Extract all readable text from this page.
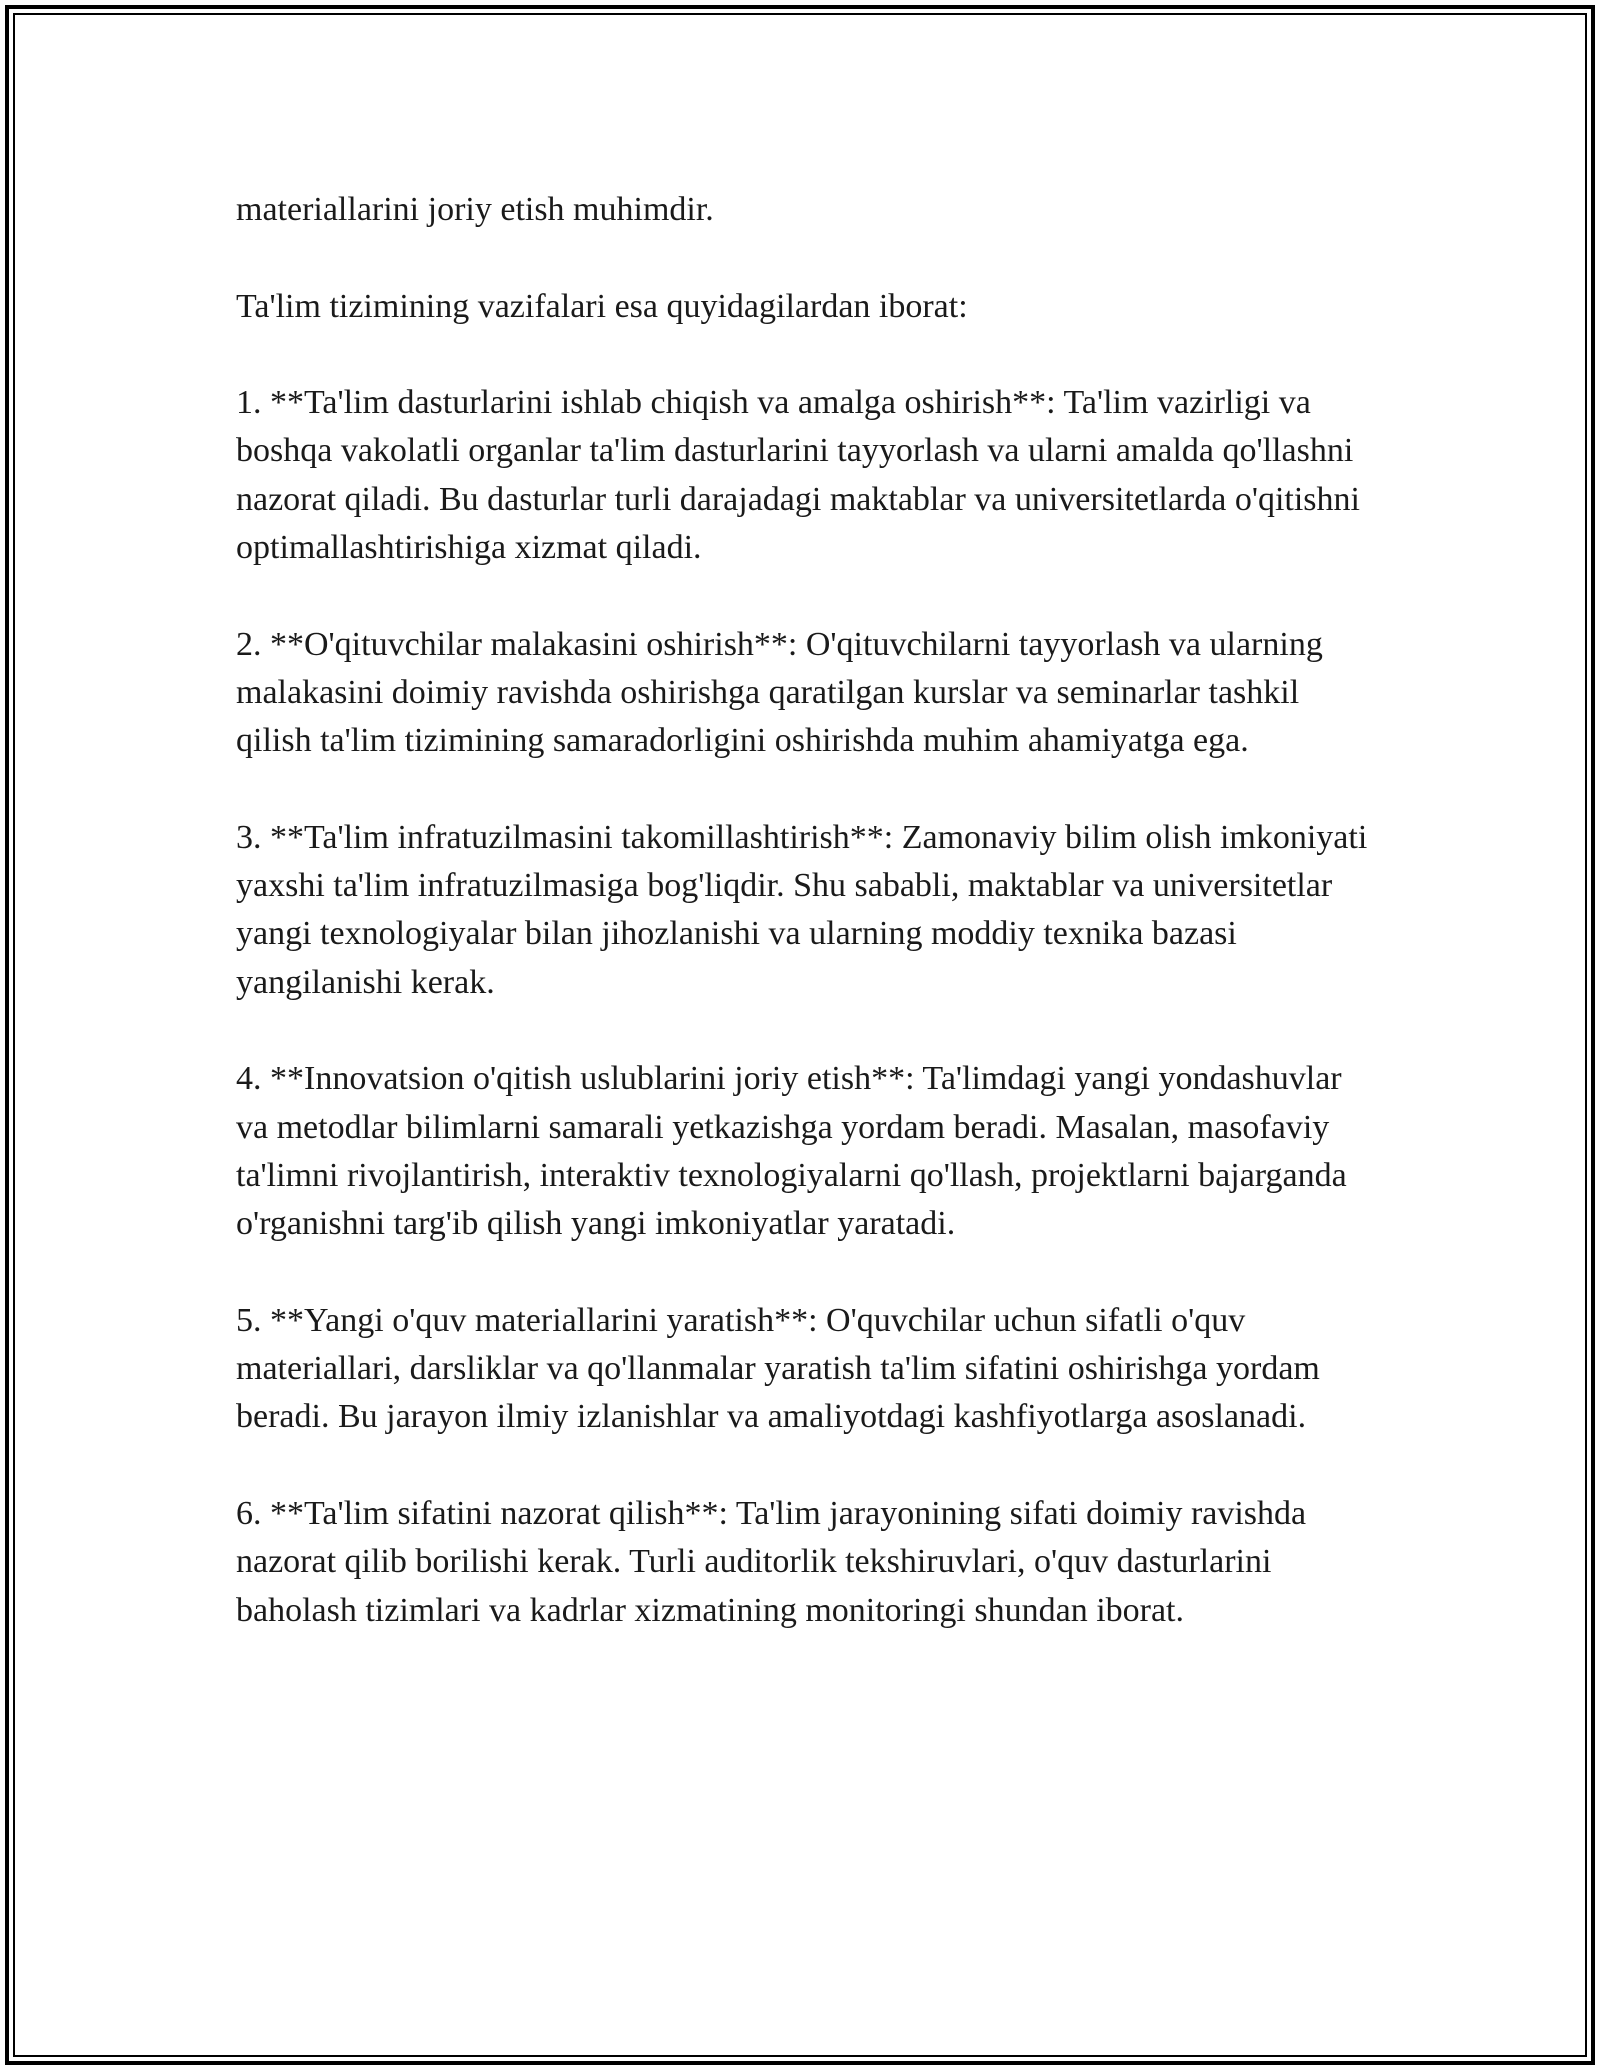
materiallarini joriy etish muhimdir.

Ta'lim tizimining vazifalari esa quyidagilardan iborat:

1. **Ta'lim dasturlarini ishlab chiqish va amalga oshirish**: Ta'lim vazirligi va boshqa vakolatli organlar ta'lim dasturlarini tayyorlash va ularni amalda qo'llashni nazorat qiladi. Bu dasturlar turli darajadagi maktablar va universitetlarda o'qitishni optimallashtirishiga xizmat qiladi.

2. **O'qituvchilar malakasini oshirish**: O'qituvchilarni tayyorlash va ularning malakasini doimiy ravishda oshirishga qaratilgan kurslar va seminarlar tashkil qilish ta'lim tizimining samaradorligini oshirishda muhim ahamiyatga ega.

3. **Ta'lim infratuzilmasini takomillashtirish**: Zamonaviy bilim olish imkoniyati yaxshi ta'lim infratuzilmasiga bog'liqdir. Shu sababli, maktablar va universitetlar yangi texnologiyalar bilan jihozlanishi va ularning moddiy texnika bazasi yangilanishi kerak.

4. **Innovatsion o'qitish uslublarini joriy etish**: Ta'limdagi yangi yondashuvlar va metodlar bilimlarni samarali yetkazishga yordam beradi. Masalan, masofaviy ta'limni rivojlantirish, interaktiv texnologiyalarni qo'llash, projektlarni bajarganda o'rganishni targ'ib qilish yangi imkoniyatlar yaratadi.

5. **Yangi o'quv materiallarini yaratish**: O'quvchilar uchun sifatli o'quv materiallari, darsliklar va qo'llanmalar yaratish ta'lim sifatini oshirishga yordam beradi. Bu jarayon ilmiy izlanishlar va amaliyotdagi kashfiyotlarga asoslanadi.

6. **Ta'lim sifatini nazorat qilish**: Ta'lim jarayonining sifati doimiy ravishda nazorat qilib borilishi kerak. Turli auditorlik tekshiruvlari, o'quv dasturlarini baholash tizimlari va kadrlar xizmatining monitoringi shundan iborat.
